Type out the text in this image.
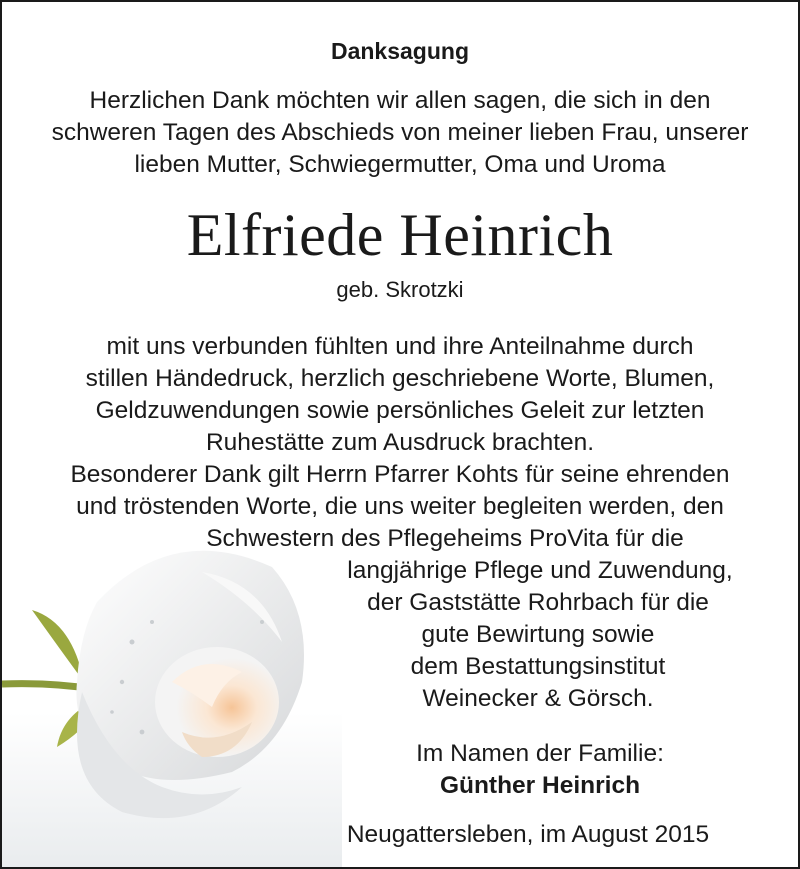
Danksagung
Herzlichen Dank möchten wir allen sagen, die sich in den
schweren Tagen des Abschieds von meiner lieben Frau, unserer
lieben Mutter, Schwiegermutter, Oma und Uroma
Elfriede Heinrich
geb. Skrotzki
mit uns verbunden fühlten und ihre Anteilnahme durch
stillen Händedruck, herzlich geschriebene Worte, Blumen,
Geldzuwendungen sowie persönliches Geleit zur letzten
Ruhestätte zum Ausdruck brachten.
Besonderer Dank gilt Herrn Pfarrer Kohts für seine ehrenden
und tröstenden Worte, die uns weiter begleiten werden, den
Schwestern des Pflegeheims ProVita für die
langjährige Pflege und Zuwendung,
der Gaststätte Rohrbach für die
gute Bewirtung sowie
dem Bestattungsinstitut
Weinecker & Görsch.
Im Namen der Familie:
Günther Heinrich
Neugattersleben, im August 2015
